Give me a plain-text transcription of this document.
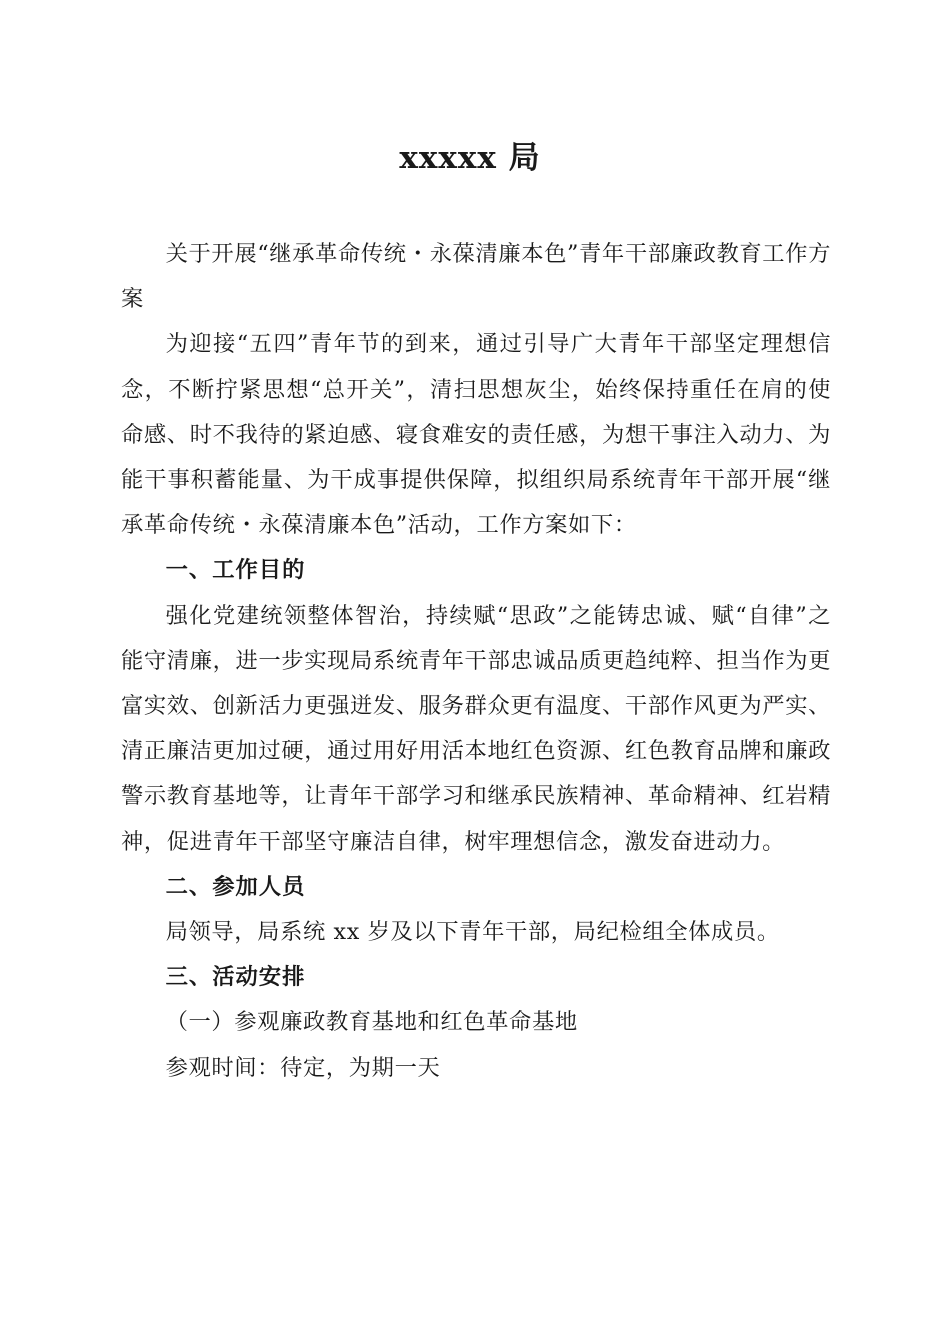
xxxxx 局

关于开展“继承革命传统・永葆清廉本色”青年干部廉政教育工作方案

为迎接“五四”青年节的到来，通过引导广大青年干部坚定理想信念，不断拧紧思想“总开关”，清扫思想灰尘，始终保持重任在肩的使命感、时不我待的紧迫感、寝食难安的责任感，为想干事注入动力、为能干事积蓄能量、为干成事提供保障，拟组织局系统青年干部开展“继承革命传统・永葆清廉本色”活动，工作方案如下：

一、工作目的

强化党建统领整体智治，持续赋“思政”之能铸忠诚、赋“自律”之能守清廉，进一步实现局系统青年干部忠诚品质更趋纯粹、担当作为更富实效、创新活力更强迸发、服务群众更有温度、干部作风更为严实、清正廉洁更加过硬，通过用好用活本地红色资源、红色教育品牌和廉政警示教育基地等，让青年干部学习和继承民族精神、革命精神、红岩精神，促进青年干部坚守廉洁自律，树牢理想信念，激发奋进动力。

二、参加人员

局领导，局系统 xx 岁及以下青年干部，局纪检组全体成员。

三、活动安排

（一）参观廉政教育基地和红色革命基地

参观时间：待定，为期一天
